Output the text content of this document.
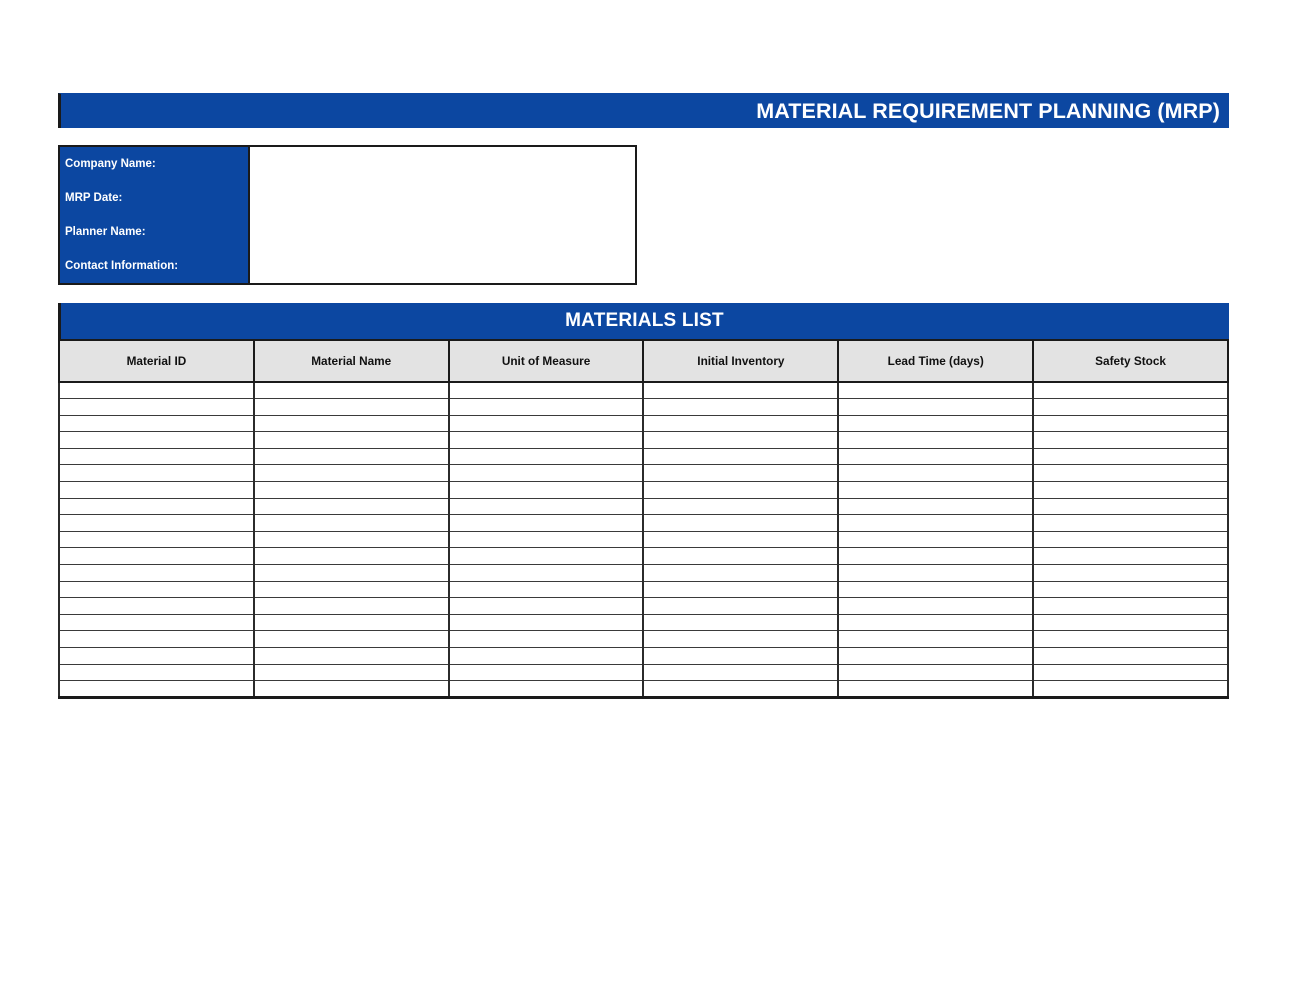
MATERIAL REQUIREMENT PLANNING (MRP)
Company Name:
MRP Date:
Planner Name:
Contact Information:
MATERIALS LIST
Material ID	Material Name	Unit of Measure	Initial Inventory	Lead Time (days)	Safety Stock
